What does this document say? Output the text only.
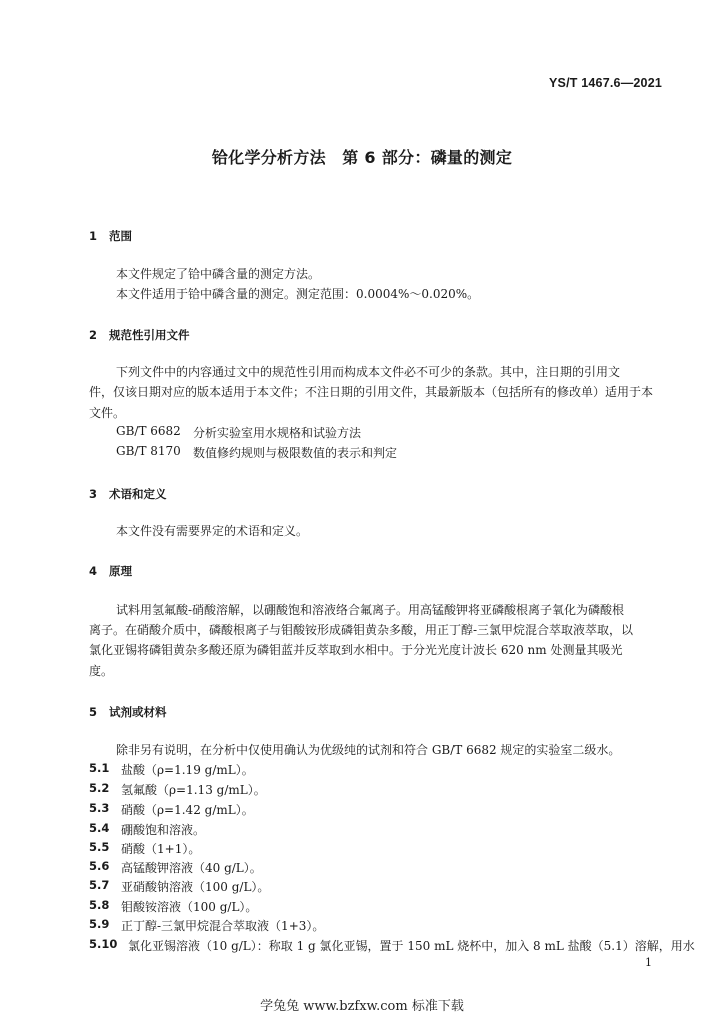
YS/T 1467.6—2021
铪化学分析方法　第 6 部分：磷量的测定
1 范围
本文件规定了铪中磷含量的测定方法。
本文件适用于铪中磷含量的测定。测定范围：0.0004%～0.020%。
2 规范性引用文件
下列文件中的内容通过文中的规范性引用而构成本文件必不可少的条款。其中，注日期的引用文
件，仅该日期对应的版本适用于本文件；不注日期的引用文件，其最新版本（包括所有的修改单）适用于本
文件。
GB/T 6682 分析实验室用水规格和试验方法
GB/T 8170 数值修约规则与极限数值的表示和判定
3 术语和定义
本文件没有需要界定的术语和定义。
4 原理
试料用氢氟酸-硝酸溶解，以硼酸饱和溶液络合氟离子。用高锰酸钾将亚磷酸根离子氧化为磷酸根
离子。在硝酸介质中，磷酸根离子与钼酸铵形成磷钼黄杂多酸，用正丁醇-三氯甲烷混合萃取液萃取，以
氯化亚锡将磷钼黄杂多酸还原为磷钼蓝并反萃取到水相中。于分光光度计波长 620 nm 处测量其吸光
度。
5 试剂或材料
除非另有说明，在分析中仅使用确认为优级纯的试剂和符合 GB/T 6682 规定的实验室二级水。
5.1 盐酸（ρ=1.19 g/mL）。
5.2 氢氟酸（ρ=1.13 g/mL）。
5.3 硝酸（ρ=1.42 g/mL）。
5.4 硼酸饱和溶液。
5.5 硝酸（1+1）。
5.6 高锰酸钾溶液（40 g/L）。
5.7 亚硝酸钠溶液（100 g/L）。
5.8 钼酸铵溶液（100 g/L）。
5.9 正丁醇-三氯甲烷混合萃取液（1+3）。
5.10 氯化亚锡溶液（10 g/L）：称取 1 g 氯化亚锡，置于 150 mL 烧杯中，加入 8 mL 盐酸（5.1）溶解，用水
1
学兔兔 www.bzfxw.com 标准下载
